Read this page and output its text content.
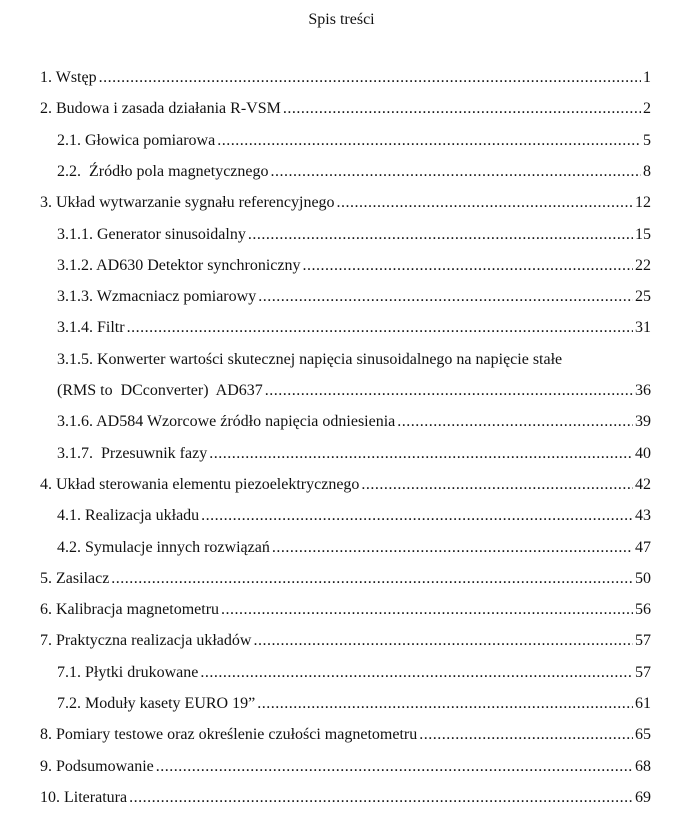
Spis treści
1. Wstęp .....	1
2. Budowa i zasada działania R-VSM .....	2
2.1. Głowica pomiarowa .....	5
2.2.  Źródło pola magnetycznego .....	8
3. Układ wytwarzanie sygnału referencyjnego .....	12
3.1.1. Generator sinusoidalny .....	15
3.1.2. AD630 Detektor synchroniczny .....	22
3.1.3. Wzmacniacz pomiarowy .....	25
3.1.4. Filtr .....	31
3.1.5. Konwerter wartości skutecznej napięcia sinusoidalnego na napięcie stałe
(RMS to  DCconverter)  AD637 .....	36
3.1.6. AD584 Wzorcowe źródło napięcia odniesienia .....	39
3.1.7.  Przesuwnik fazy .....	40
4. Układ sterowania elementu piezoelektrycznego .....	42
4.1. Realizacja układu .....	43
4.2. Symulacje innych rozwiązań .....	47
5. Zasilacz .....	50
6. Kalibracja magnetometru .....	56
7. Praktyczna realizacja układów .....	57
7.1. Płytki drukowane .....	57
7.2. Moduły kasety EURO 19” .....	61
8. Pomiary testowe oraz określenie czułości magnetometru .....	65
9. Podsumowanie .....	68
10. Literatura .....	69
